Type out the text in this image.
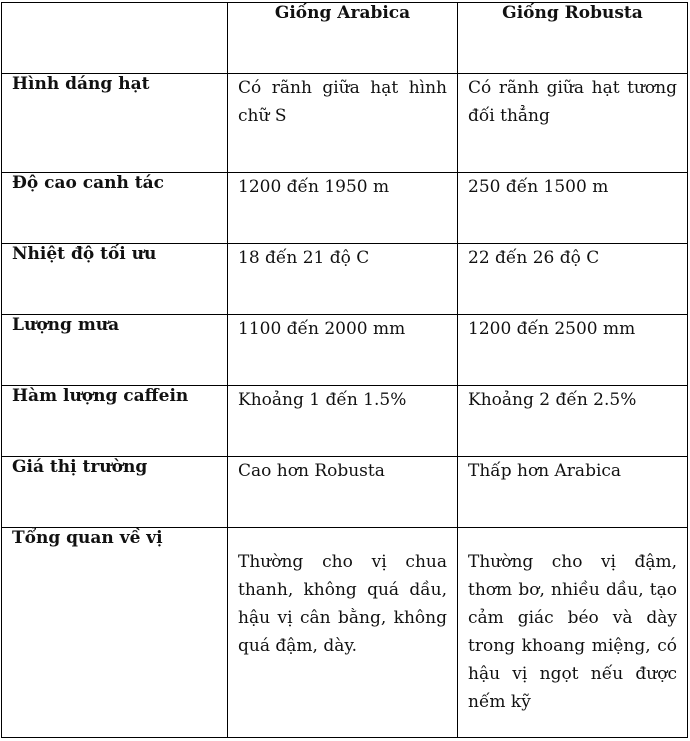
	Giống Arabica	Giống Robusta
Hình dáng hạt	Có rãnh giữa hạt hình chữ S	Có rãnh giữa hạt tương đối thẳng
Độ cao canh tác	1200 đến 1950 m	250 đến 1500 m
Nhiệt độ tối ưu	18 đến 21 độ C	22 đến 26 độ C
Lượng mưa	1100 đến 2000 mm	1200 đến 2500 mm
Hàm lượng caffein	Khoảng 1 đến 1.5%	Khoảng 2 đến 2.5%
Giá thị trường	Cao hơn Robusta	Thấp hơn Arabica
Tổng quan về vị	Thường cho vị chua thanh, không quá dầu, hậu vị cân bằng, không quá đậm, dày.	Thường cho vị đậm, thơm bơ, nhiều dầu, tạo cảm giác béo và dày trong khoang miệng, có hậu vị ngọt nếu được nếm kỹ
